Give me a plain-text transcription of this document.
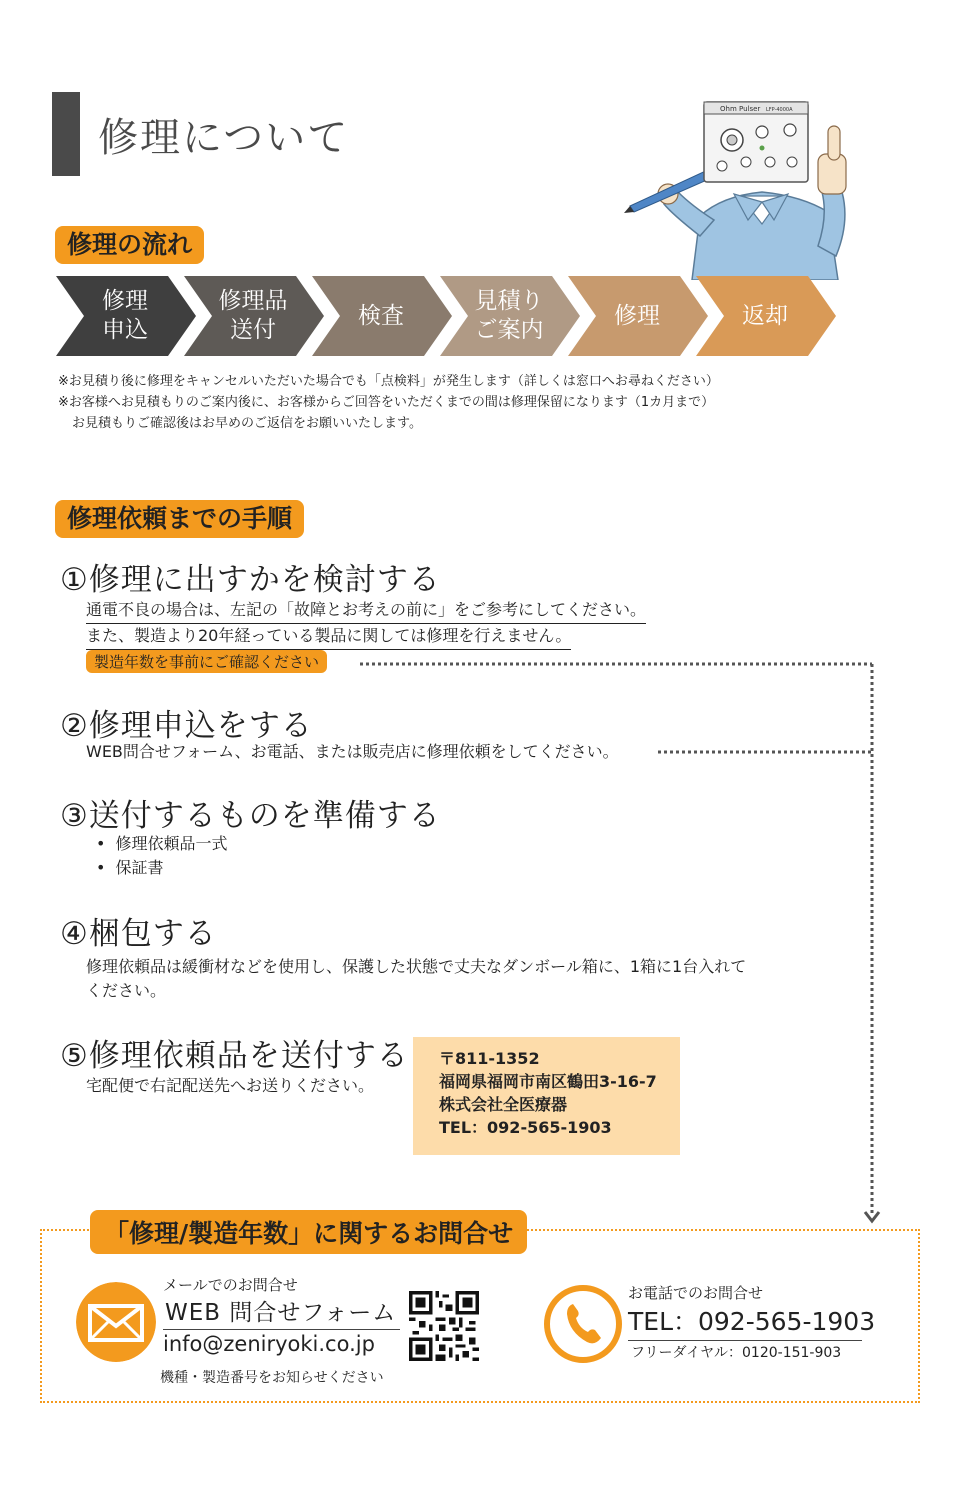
修理について
Ohm Pulser LFP-4000A
修理の流れ
修理
申込
修理品
送付
検査
見積り
ご案内
修理	返却
※お見積り後に修理をキャンセルいただいた場合でも「点検料」が発生します（詳しくは窓口へお尋ねください）
※お客様へお見積もりのご案内後に、お客様からご回答をいただくまでの間は修理保留になります（1カ月まで）
お見積もりご確認後はお早めのご返信をお願いいたします。
修理依頼までの手順
①修理に出すかを検討する
通電不良の場合は、左記の「故障とお考えの前に」をご参考にしてください。
また、製造より20年経っている製品に関しては修理を行えません。
製造年数を事前にご確認ください
②修理申込をする
WEB問合せフォーム、お電話、または販売店に修理依頼をしてください。
③送付するものを準備する
• 修理依頼品一式
• 保証書
④梱包する
修理依頼品は緩衝材などを使用し、保護した状態で丈夫なダンボール箱に、1箱に1台入れて
ください。
⑤修理依頼品を送付する
宅配便で右記配送先へお送りください。
〒811-1352
福岡県福岡市南区鶴田3-16-7
株式会社全医療器
TEL：092-565-1903
「修理/製造年数」に関するお問合せ
メールでのお問合せ
WEB 問合せフォーム
info@zeniryoki.co.jp
機種・製造番号をお知らせください
お電話でのお問合せ
TEL：092-565-1903
フリーダイヤル：0120-151-903
